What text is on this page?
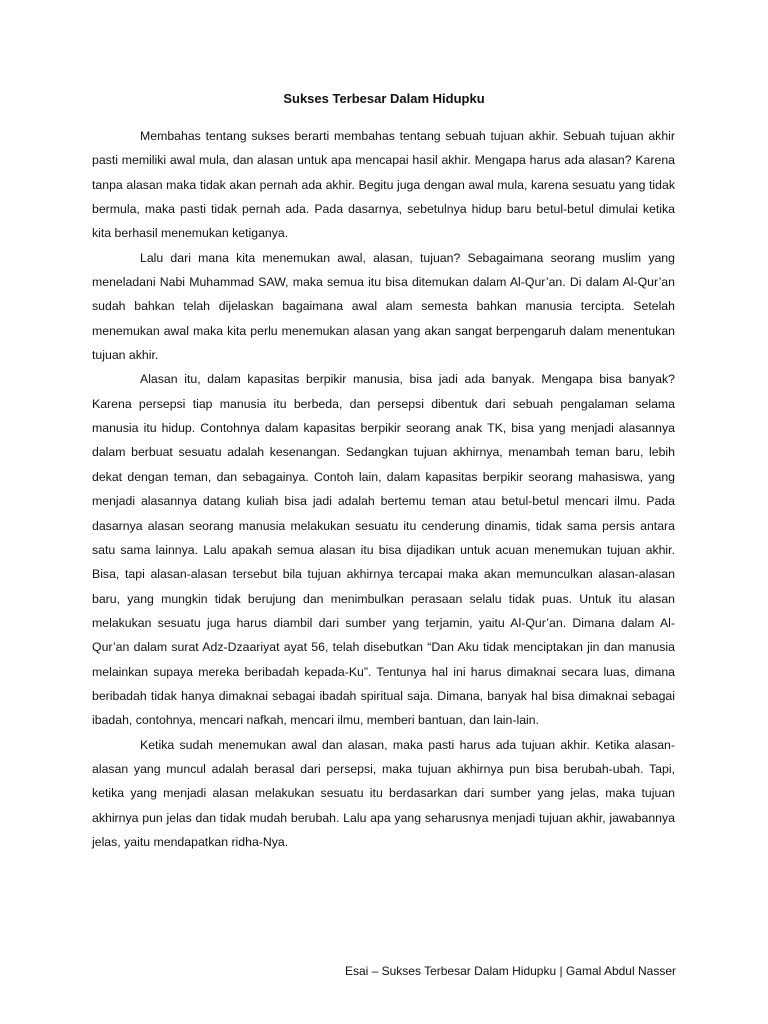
Sukses Terbesar Dalam Hidupku

Membahas tentang sukses berarti membahas tentang sebuah tujuan akhir. Sebuah tujuan akhir pasti memiliki awal mula, dan alasan untuk apa mencapai hasil akhir. Mengapa harus ada alasan? Karena tanpa alasan maka tidak akan pernah ada akhir. Begitu juga dengan awal mula, karena sesuatu yang tidak bermula, maka pasti tidak pernah ada. Pada dasarnya, sebetulnya hidup baru betul-betul dimulai ketika kita berhasil menemukan ketiganya.

Lalu dari mana kita menemukan awal, alasan, tujuan? Sebagaimana seorang muslim yang meneladani Nabi Muhammad SAW, maka semua itu bisa ditemukan dalam Al-Qur’an. Di dalam Al-Qur’an sudah bahkan telah dijelaskan bagaimana awal alam semesta bahkan manusia tercipta. Setelah menemukan awal maka kita perlu menemukan alasan yang akan sangat berpengaruh dalam menentukan tujuan akhir.

Alasan itu, dalam kapasitas berpikir manusia, bisa jadi ada banyak. Mengapa bisa banyak? Karena persepsi tiap manusia itu berbeda, dan persepsi dibentuk dari sebuah pengalaman selama manusia itu hidup. Contohnya dalam kapasitas berpikir seorang anak TK, bisa yang menjadi alasannya dalam berbuat sesuatu adalah kesenangan. Sedangkan tujuan akhirnya, menambah teman baru, lebih dekat dengan teman, dan sebagainya. Contoh lain, dalam kapasitas berpikir seorang mahasiswa, yang menjadi alasannya datang kuliah bisa jadi adalah bertemu teman atau betul-betul mencari ilmu. Pada dasarnya alasan seorang manusia melakukan sesuatu itu cenderung dinamis, tidak sama persis antara satu sama lainnya. Lalu apakah semua alasan itu bisa dijadikan untuk acuan menemukan tujuan akhir. Bisa, tapi alasan-alasan tersebut bila tujuan akhirnya tercapai maka akan memunculkan alasan-alasan baru, yang mungkin tidak berujung dan menimbulkan perasaan selalu tidak puas. Untuk itu alasan melakukan sesuatu juga harus diambil dari sumber yang terjamin, yaitu Al-Qur’an. Dimana dalam Al-Qur’an dalam surat Adz-Dzaariyat ayat 56, telah disebutkan “Dan Aku tidak menciptakan jin dan manusia melainkan supaya mereka beribadah kepada-Ku”. Tentunya hal ini harus dimaknai secara luas, dimana beribadah tidak hanya dimaknai sebagai ibadah spiritual saja. Dimana, banyak hal bisa dimaknai sebagai ibadah, contohnya, mencari nafkah, mencari ilmu, memberi bantuan, dan lain-lain.

Ketika sudah menemukan awal dan alasan, maka pasti harus ada tujuan akhir. Ketika alasan-alasan yang muncul adalah berasal dari persepsi, maka tujuan akhirnya pun bisa berubah-ubah. Tapi, ketika yang menjadi alasan melakukan sesuatu itu berdasarkan dari sumber yang jelas, maka tujuan akhirnya pun jelas dan tidak mudah berubah. Lalu apa yang seharusnya menjadi tujuan akhir, jawabannya jelas, yaitu mendapatkan ridha-Nya.

Esai – Sukses Terbesar Dalam Hidupku | Gamal Abdul Nasser
